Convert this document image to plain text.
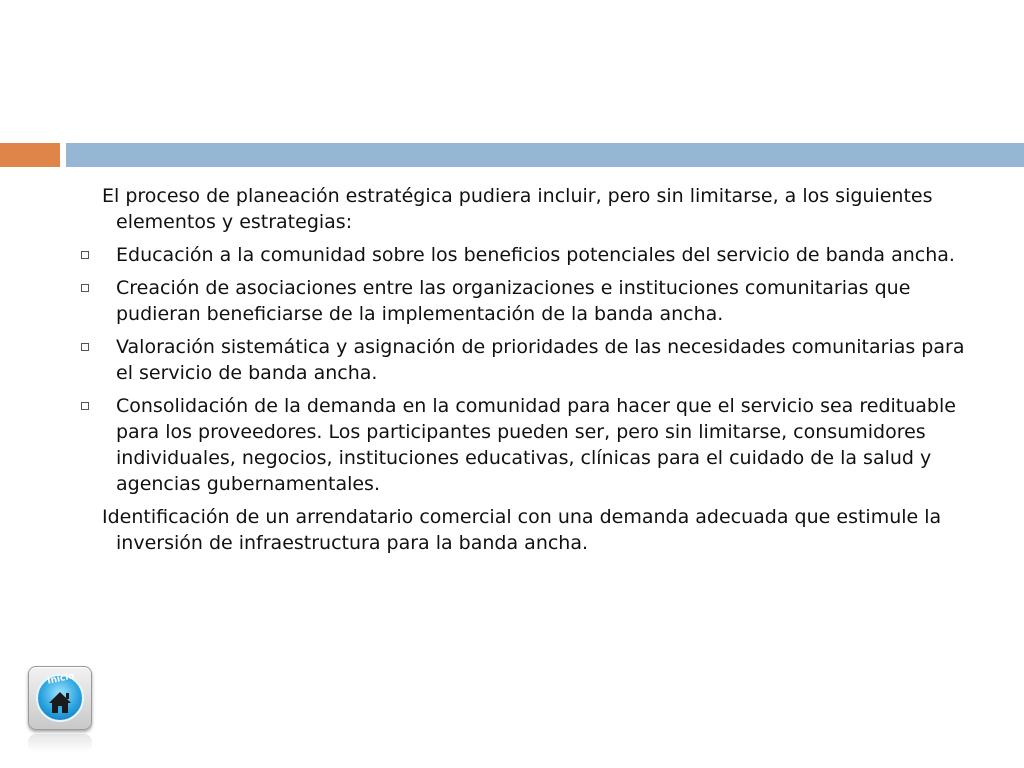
El proceso de planeación estratégica pudiera incluir, pero sin limitarse, a los siguientes elementos y estrategias:

Educación a la comunidad sobre los beneficios potenciales del servicio de banda ancha.
Creación de asociaciones entre las organizaciones e instituciones comunitarias que pudieran beneficiarse de la implementación de la banda ancha.
Valoración sistemática y asignación de prioridades de las necesidades comunitarias para el servicio de banda ancha.
Consolidación de la demanda en la comunidad para hacer que el servicio sea redituable para los proveedores. Los participantes pueden ser, pero sin limitarse, consumidores individuales, negocios, instituciones educativas, clínicas para el cuidado de la salud y agencias gubernamentales.

Identificación de un arrendatario comercial con una demanda adecuada que estimule la inversión de infraestructura para la banda ancha.

Inicio
